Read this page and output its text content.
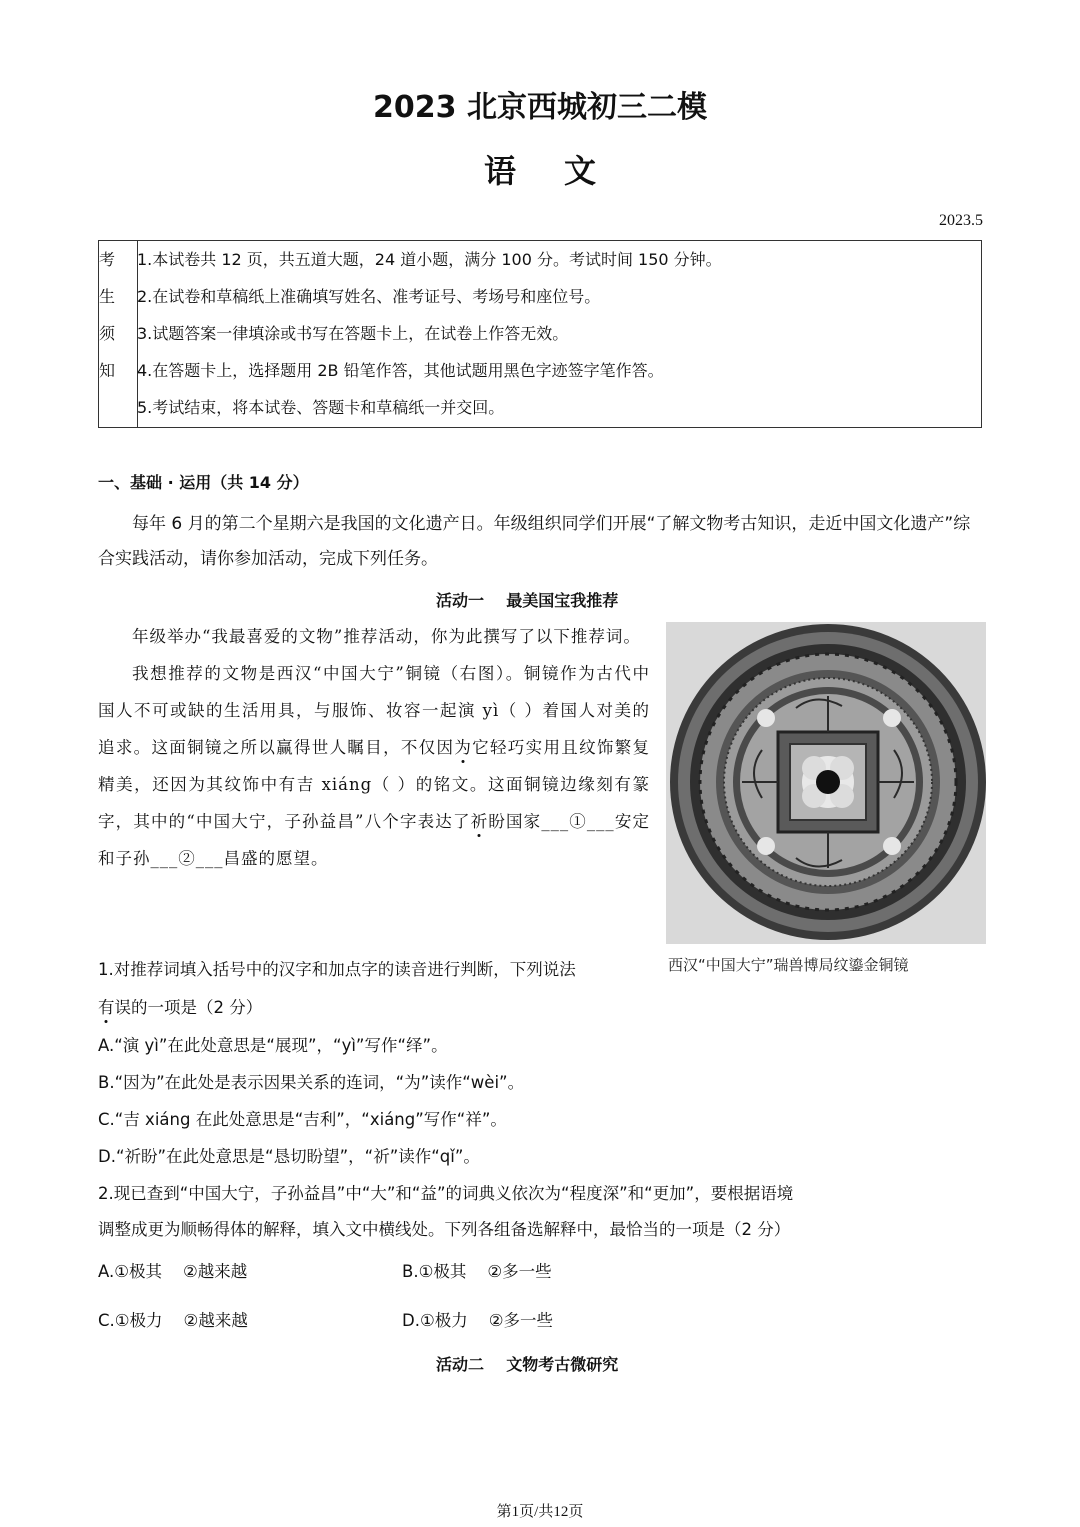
2023 北京西城初三二模
语文
2023.5
考
生
须
知
1.本试卷共 12 页，共五道大题，24 道小题，满分 100 分。考试时间 150 分钟。
2.在试卷和草稿纸上准确填写姓名、准考证号、考场号和座位号。
3.试题答案一律填涂或书写在答题卡上，在试卷上作答无效。
4.在答题卡上，选择题用 2B 铅笔作答，其他试题用黑色字迹签字笔作答。
5.考试结束，将本试卷、答题卡和草稿纸一并交回。
一、基础 · 运用（共 14 分）
每年 6 月的第二个星期六是我国的文化遗产日。年级组织同学们开展“了解文物考古知识，走近中国文化遗产”综合实践活动，请你参加活动，完成下列任务。
活动一    最美国宝我推荐

年级举办“我最喜爱的文物”推荐活动，你为此撰写了以下推荐词。

我想推荐的文物是西汉“中国大宁”铜镜（右图）。铜镜作为古代中国人不可或缺的生活用具，与服饰、妆容一起演 yì（ ）着国人对美的追求。这面铜镜之所以赢得世人瞩目，不仅因为它轻巧实用且纹饰繁复精美，还因为其纹饰中有吉 xiáng（ ）的铭文。这面铜镜边缘刻有篆字，其中的“中国大宁，子孙益昌”八个字表达了祈盼国家___①___安定和子孙___②___昌盛的愿望。

西汉“中国大宁”瑞兽博局纹鎏金铜镜
1.对推荐词填入括号中的汉字和加点字的读音进行判断，下列说法
有误的一项是（2 分）
A.“演 yì”在此处意思是“展现”，“yì”写作“绎”。
B.“因为”在此处是表示因果关系的连词，“为”读作“wèi”。
C.“吉 xiáng 在此处意思是“吉利”，“xiáng”写作“祥”。
D.“祈盼”在此处意思是“恳切盼望”，“祈”读作“qǐ”。
2.现已查到“中国大宁，子孙益昌”中“大”和“益”的词典义依次为“程度深”和“更加”，要根据语境
调整成更为顺畅得体的解释，填入文中横线处。下列各组备选解释中，最恰当的一项是（2 分）
A.①极其    ②越来越	B.①极其    ②多一些
C.①极力    ②越来越	D.①极力    ②多一些
活动二    文物考古微研究
第1页/共12页
